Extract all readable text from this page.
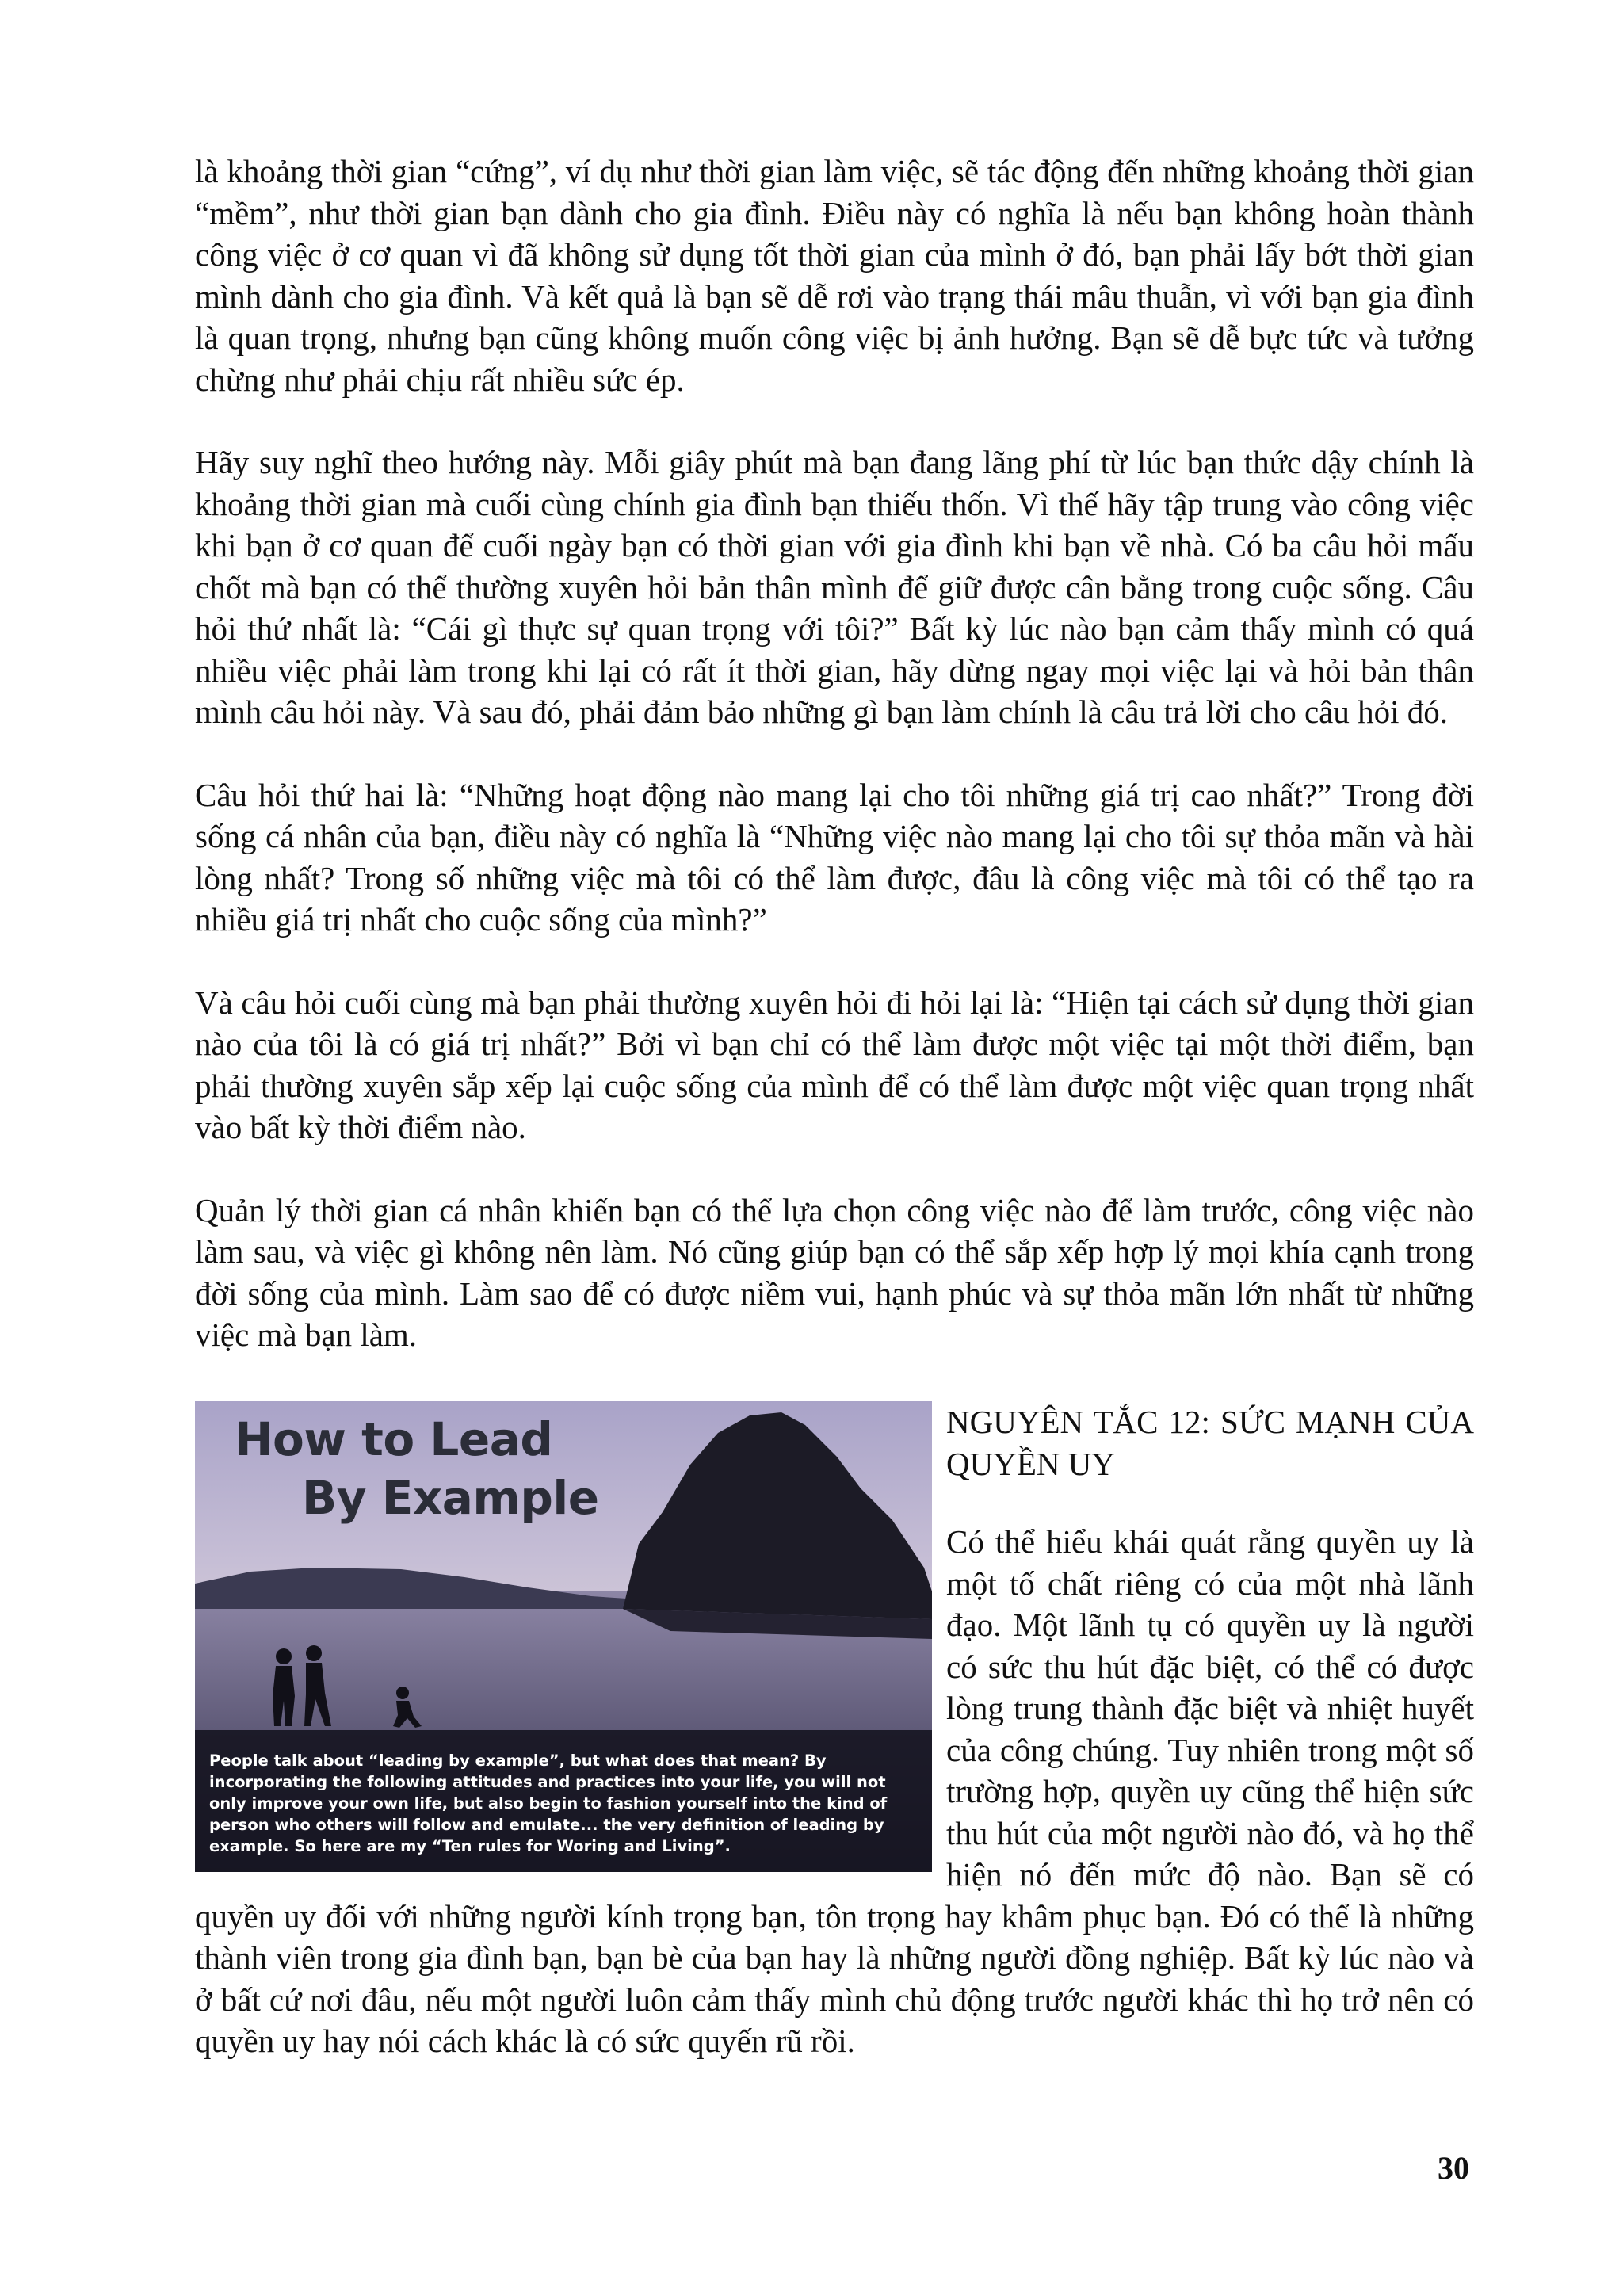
là khoảng thời gian “cứng”, ví dụ như thời gian làm việc, sẽ tác động đến những khoảng thời gian “mềm”, như thời gian bạn dành cho gia đình. Điều này có nghĩa là nếu bạn không hoàn thành công việc ở cơ quan vì đã không sử dụng tốt thời gian của mình ở đó, bạn phải lấy bớt thời gian mình dành cho gia đình. Và kết quả là bạn sẽ dễ rơi vào trạng thái mâu thuẫn, vì với bạn gia đình là quan trọng, nhưng bạn cũng không muốn công việc bị ảnh hưởng. Bạn sẽ dễ bực tức và tưởng chừng như phải chịu rất nhiều sức ép.

Hãy suy nghĩ theo hướng này. Mỗi giây phút mà bạn đang lãng phí từ lúc bạn thức dậy chính là khoảng thời gian mà cuối cùng chính gia đình bạn thiếu thốn. Vì thế hãy tập trung vào công việc khi bạn ở cơ quan để cuối ngày bạn có thời gian với gia đình khi bạn về nhà. Có ba câu hỏi mấu chốt mà bạn có thể thường xuyên hỏi bản thân mình để giữ được cân bằng trong cuộc sống. Câu hỏi thứ nhất là: “Cái gì thực sự quan trọng với tôi?” Bất kỳ lúc nào bạn cảm thấy mình có quá nhiều việc phải làm trong khi lại có rất ít thời gian, hãy dừng ngay mọi việc lại và hỏi bản thân mình câu hỏi này. Và sau đó, phải đảm bảo những gì bạn làm chính là câu trả lời cho câu hỏi đó.

Câu hỏi thứ hai là: “Những hoạt động nào mang lại cho tôi những giá trị cao nhất?” Trong đời sống cá nhân của bạn, điều này có nghĩa là “Những việc nào mang lại cho tôi sự thỏa mãn và hài lòng nhất? Trong số những việc mà tôi có thể làm được, đâu là công việc mà tôi có thể tạo ra nhiều giá trị nhất cho cuộc sống của mình?”

Và câu hỏi cuối cùng mà bạn phải thường xuyên hỏi đi hỏi lại là: “Hiện tại cách sử dụng thời gian nào của tôi là có giá trị nhất?” Bởi vì bạn chỉ có thể làm được một việc tại một thời điểm, bạn phải thường xuyên sắp xếp lại cuộc sống của mình để có thể làm được một việc quan trọng nhất vào bất kỳ thời điểm nào.

Quản lý thời gian cá nhân khiến bạn có thể lựa chọn công việc nào để làm trước, công việc nào làm sau, và việc gì không nên làm. Nó cũng giúp bạn có thể sắp xếp hợp lý mọi khía cạnh trong đời sống của mình. Làm sao để có được niềm vui, hạnh phúc và sự thỏa mãn lớn nhất từ những việc mà bạn làm.

How to Lead
By Example
People talk about “leading by example”, but what does that mean? By incorporating the following attitudes and practices into your life, you will not only improve your own life, but also begin to fashion yourself into the kind of person who others will follow and emulate... the very definition of leading by example. So here are my “Ten rules for Woring and Living”.
NGUYÊN TẮC 12: SỨC MẠNH CỦA QUYỀN UY

Có thể hiểu khái quát rằng quyền uy là một tố chất riêng có của một nhà lãnh đạo. Một lãnh tụ có quyền uy là người có sức thu hút đặc biệt, có thể có được lòng trung thành đặc biệt và nhiệt huyết của công chúng. Tuy nhiên trong một số trường hợp, quyền uy cũng thể hiện sức thu hút của một người nào đó, và họ thể hiện nó đến mức độ nào. Bạn sẽ có quyền uy đối với những người kính trọng bạn, tôn trọng hay khâm phục bạn. Đó có thể là những thành viên trong gia đình bạn, bạn bè của bạn hay là những người đồng nghiệp. Bất kỳ lúc nào và ở bất cứ nơi đâu, nếu một người luôn cảm thấy mình chủ động trước người khác thì họ trở nên có quyền uy hay nói cách khác là có sức quyến rũ rồi.

30
